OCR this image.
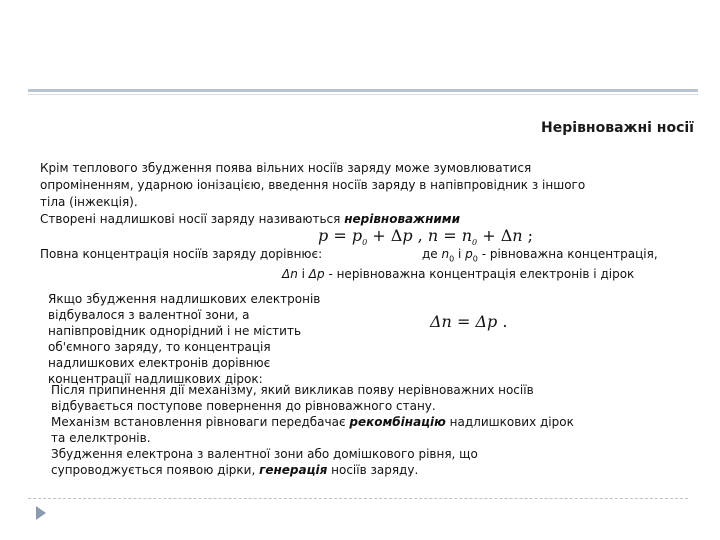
Нерівноважні носії
Крім теплового збудження поява вільних носіїв заряду може зумовлюватися
опроміненням, ударною іонізацією, введення носіїв заряду в напівпровідник з іншого
тіла (інжекція).
Створені надлишкові носії заряду називаються нерівноважними
$p = p_0 + \Delta p$ , $n = n_0 + \Delta n$ ;
Повна концентрація носіїв заряду дорівнює:	де $n_0$ і $p_0$ - рівноважна концентрація,
Δn і Δp - нерівноважна концентрація електронів і дірок
Якщо збудження надлишкових електронів
відбувалося з валентної зони, а
напівпровідник однорідний і не містить
об'ємного заряду, то концентрація
надлишкових електронів дорівнює
концентрації надлишкових дірок:
Δn = Δp .
Після припинення дії механізму, який викликав появу нерівноважних носіїв
відбувається поступове повернення до рівноважного стану.
Механізм встановлення рівноваги передбачає рекомбінацію надлишкових дірок
та елелктронів.
Збудження електрона з валентної зони або домішкового рівня, що
супроводжується появою дірки, генерація носіїв заряду.
